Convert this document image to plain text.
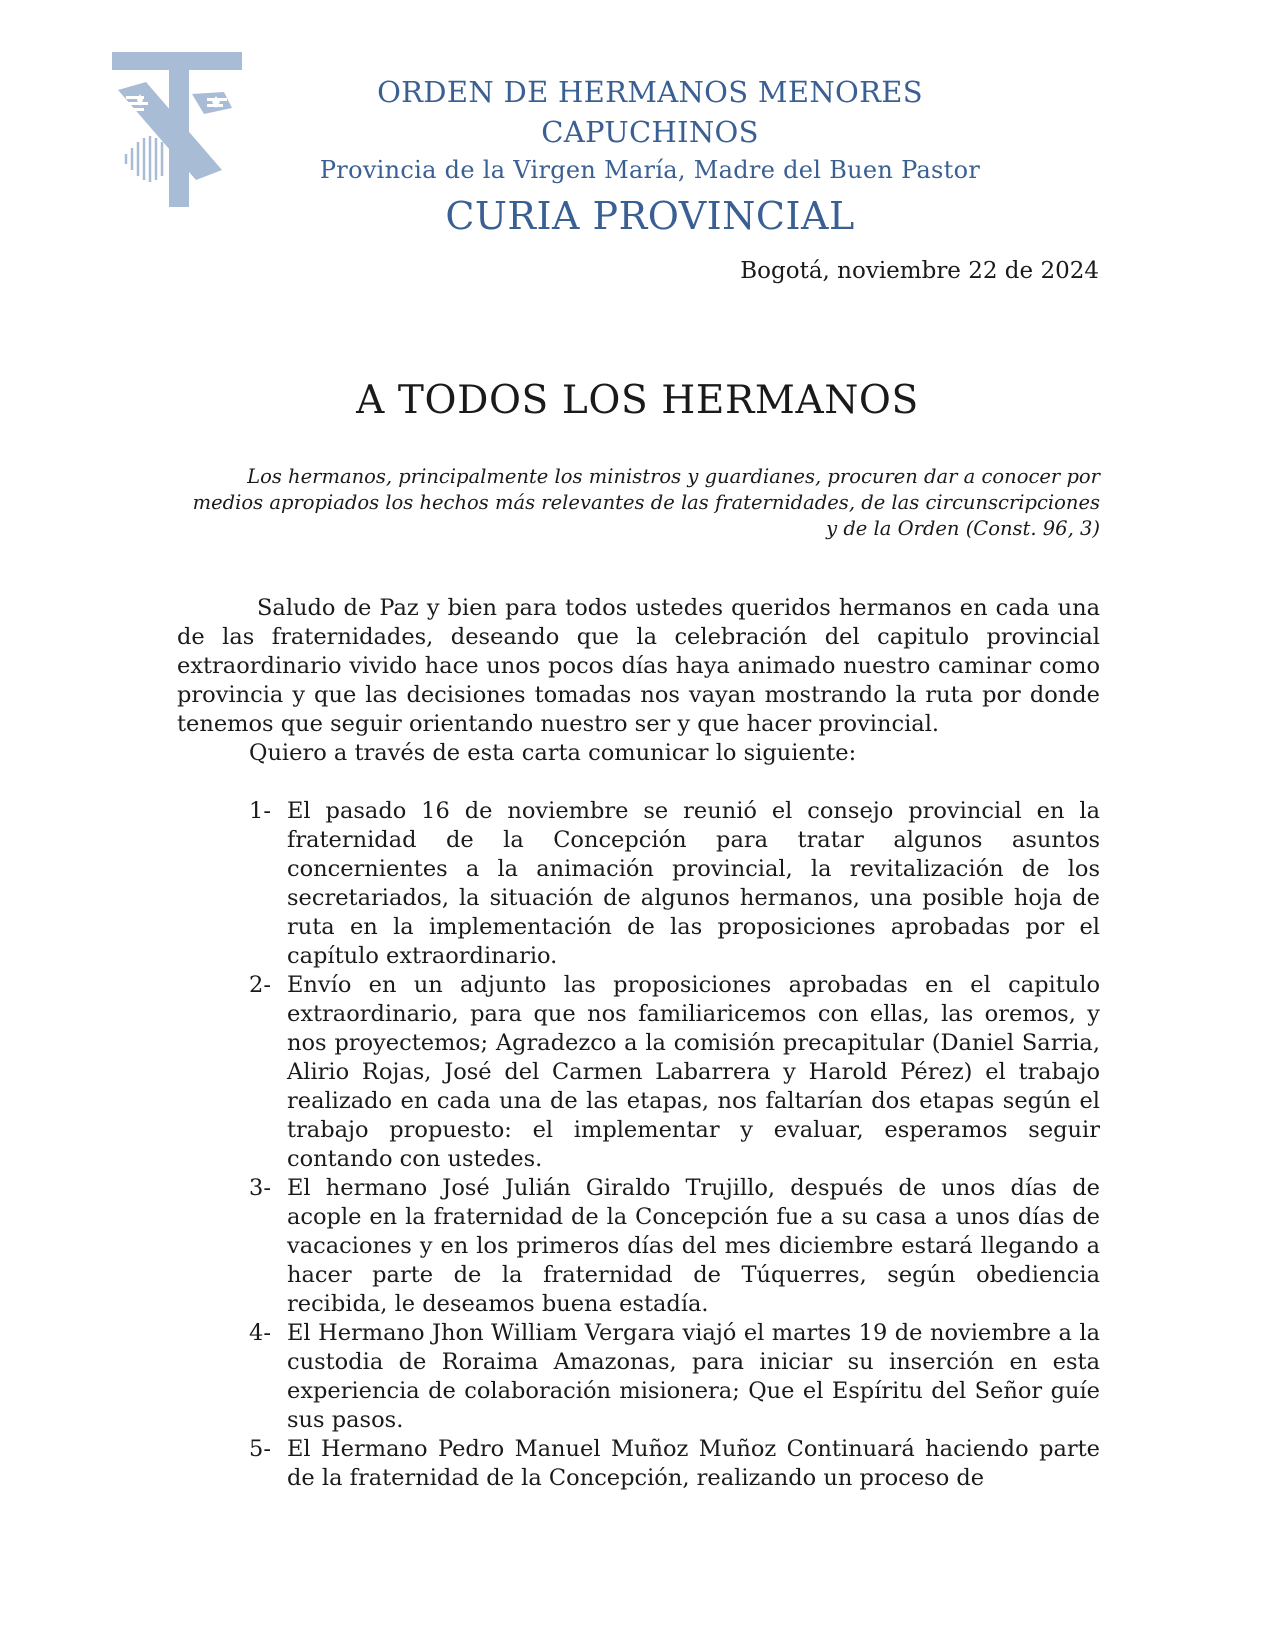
ORDEN DE HERMANOS MENORES CAPUCHINOS
Provincia de la Virgen María, Madre del Buen Pastor
CURIA PROVINCIAL
Bogotá, noviembre 22 de 2024
A TODOS LOS HERMANOS
Los hermanos, principalmente los ministros y guardianes, procuren dar a conocer por medios apropiados los hechos más relevantes de las fraternidades, de las circunscripciones y de la Orden (Const. 96, 3)

Saludo de Paz y bien para todos ustedes queridos hermanos en cada una de las fraternidades, deseando que la celebración del capitulo provincial extraordinario vivido hace unos pocos días haya animado nuestro caminar como provincia y que las decisiones tomadas nos vayan mostrando la ruta por donde tenemos que seguir orientando nuestro ser y que hacer provincial.

Quiero a través de esta carta comunicar lo siguiente:

1- El pasado 16 de noviembre se reunió el consejo provincial en la fraternidad de la Concepción para tratar algunos asuntos concernientes a la animación provincial, la revitalización de los secretariados, la situación de algunos hermanos, una posible hoja de ruta en la implementación de las proposiciones aprobadas por el capítulo extraordinario.
2- Envío en un adjunto las proposiciones aprobadas en el capitulo extraordinario, para que nos familiaricemos con ellas, las oremos, y nos proyectemos; Agradezco a la comisión precapitular (Daniel Sarria, Alirio Rojas, José del Carmen Labarrera y Harold Pérez) el trabajo realizado en cada una de las etapas, nos faltarían dos etapas según el trabajo propuesto: el implementar y evaluar, esperamos seguir contando con ustedes.
3- El hermano José Julián Giraldo Trujillo, después de unos días de acople en la fraternidad de la Concepción fue a su casa a unos días de vacaciones y en los primeros días del mes diciembre estará llegando a hacer parte de la fraternidad de Túquerres, según obediencia recibida, le deseamos buena estadía.
4- El Hermano Jhon William Vergara viajó el martes 19 de noviembre a la custodia de Roraima Amazonas, para iniciar su inserción en esta experiencia de colaboración misionera; Que el Espíritu del Señor guíe sus pasos.
5- El Hermano Pedro Manuel Muñoz Muñoz Continuará haciendo parte de la fraternidad de la Concepción, realizando un proceso de
